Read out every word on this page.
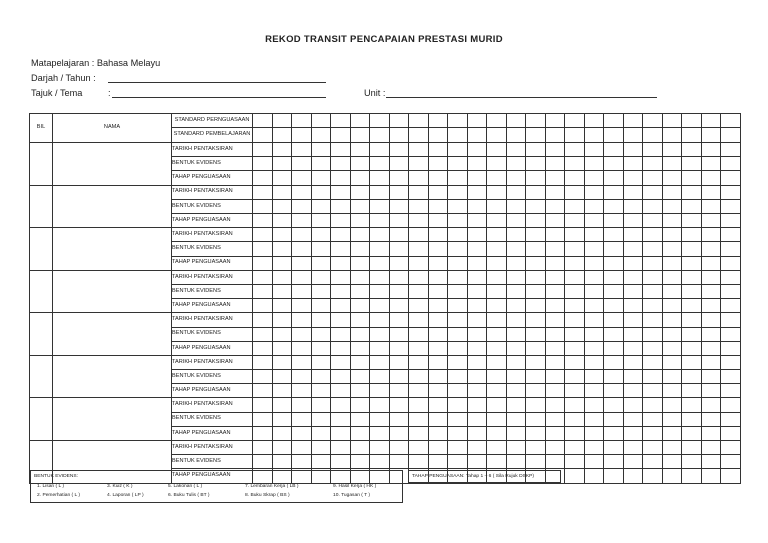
REKOD TRANSIT PENCAPAIAN PRESTASI MURID
Matapelajaran : Bahasa Melayu
Darjah / Tahun :
Tajuk / Tema	:	Unit :
BIL	NAMA	STANDARD PERNGUASAAN																									
		STANDARD PEMBELAJARAN																									
		TARIKH PENTAKSIRAN																									
		BENTUK EVIDENS																									
		TAHAP PENGUASAAN																									
		TARIKH PENTAKSIRAN																									
		BENTUK EVIDENS																									
		TAHAP PENGUASAAN																									
		TARIKH PENTAKSIRAN																									
		BENTUK EVIDENS																									
		TAHAP PENGUASAAN																									
		TARIKH PENTAKSIRAN																									
		BENTUK EVIDENS																									
		TAHAP PENGUASAAN																									
		TARIKH PENTAKSIRAN																									
		BENTUK EVIDENS																									
		TAHAP PENGUASAAN																									
		TARIKH PENTAKSIRAN																									
		BENTUK EVIDENS																									
		TAHAP PENGUASAAN																									
		TARIKH PENTAKSIRAN																									
		BENTUK EVIDENS																									
		TAHAP PENGUASAAN																									
		TARIKH PENTAKSIRAN																									
		BENTUK EVIDENS																									
		TAHAP PENGUASAAN																									
BENTUK EVIDENS:
1. Lisan ( L )
2. Pemerhatian ( L )
3. Kuiz ( K )
4. Laporan ( LP )
5. Lakonan ( L )
6. Buku Tulis ( BT )
7. Lembaran Kerja ( LB )
8. Buku Skrap ( BS )
9. Hasil Kerja ( HK )
10. Tugasan ( T )
TAHAP PENGUASAAN: Tahap 1 – 6 ( Sila Rujuk DSKP)
